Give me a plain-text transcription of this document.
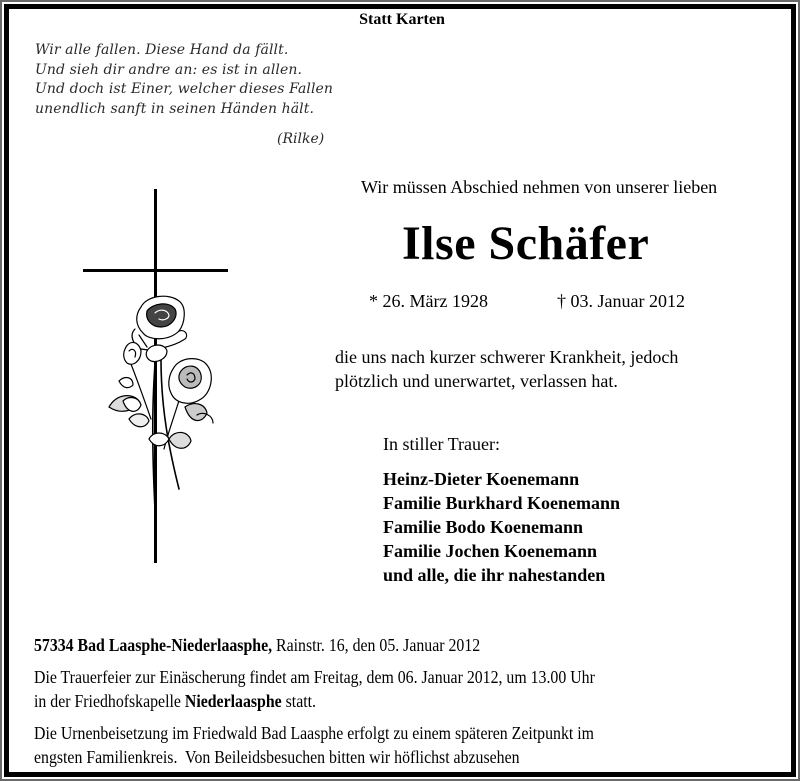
Statt Karten
Wir alle fallen. Diese Hand da fällt.
Und sieh dir andre an: es ist in allen.
Und doch ist Einer, welcher dieses Fallen
unendlich sanft in seinen Händen hält.
(Rilke)
Wir müssen Abschied nehmen von unserer lieben
Ilse Schäfer
* 26. März 1928	† 03. Januar 2012
die uns nach kurzer schwerer Krankheit, jedoch
plötzlich und unerwartet, verlassen hat.
In stiller Trauer:
Heinz-Dieter Koenemann
Familie Burkhard Koenemann
Familie Bodo Koenemann
Familie Jochen Koenemann
und alle, die ihr nahestanden
57334 Bad Laasphe-Niederlaasphe, Rainstr. 16, den 05. Januar 2012
Die Trauerfeier zur Einäscherung findet am Freitag, dem 06. Januar 2012, um 13.00 Uhr
in der Friedhofskapelle Niederlaasphe statt.
Die Urnenbeisetzung im Friedwald Bad Laasphe erfolgt zu einem späteren Zeitpunkt im
engsten Familienkreis.  Von Beileidsbesuchen bitten wir höflichst abzusehen
